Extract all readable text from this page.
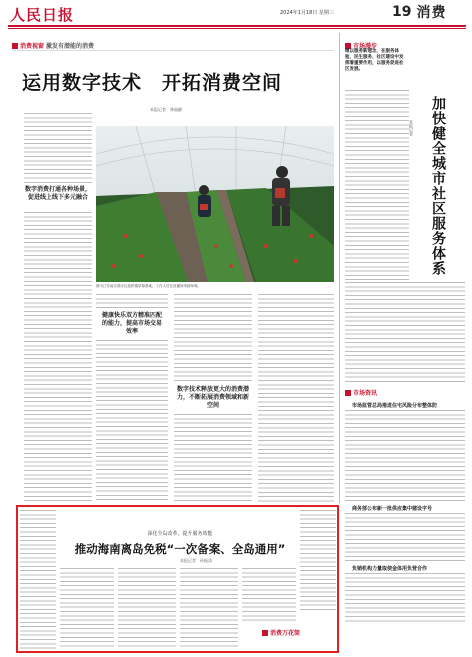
人民日报	2024年1月18日 星期三	19 消费
消费视窗 激发有潜能的消费
运用数字技术　开拓消费空间
本报记者　林丽鹂
数字消费打通各种场景，促进线上线下多元融合
图为江苏南京溧水区晶桥镇草莓基地，工作人员在直播间采摘草莓。
健康快乐双方精准匹配的能力，提高市场交易效率
数字技术释放更大的消费潜力，不断拓展消费领域和新空间
市场漫步
继以服务新理念，在服务体验、民生服务、社区建设中发挥着重要作用，以服务促进社区发展。
加快健全城市社区服务体系
本报记者
市场资讯
市场监管总局推进住宅风险分布整体防
商务部公布新一批供应集中建设字号
负销机构力量取使金体用负营合作
深化全岛改革，提升服务效能
推动海南离岛免税“一次备案、全岛通用”
本报记者　孙振涛
消费万花筒
